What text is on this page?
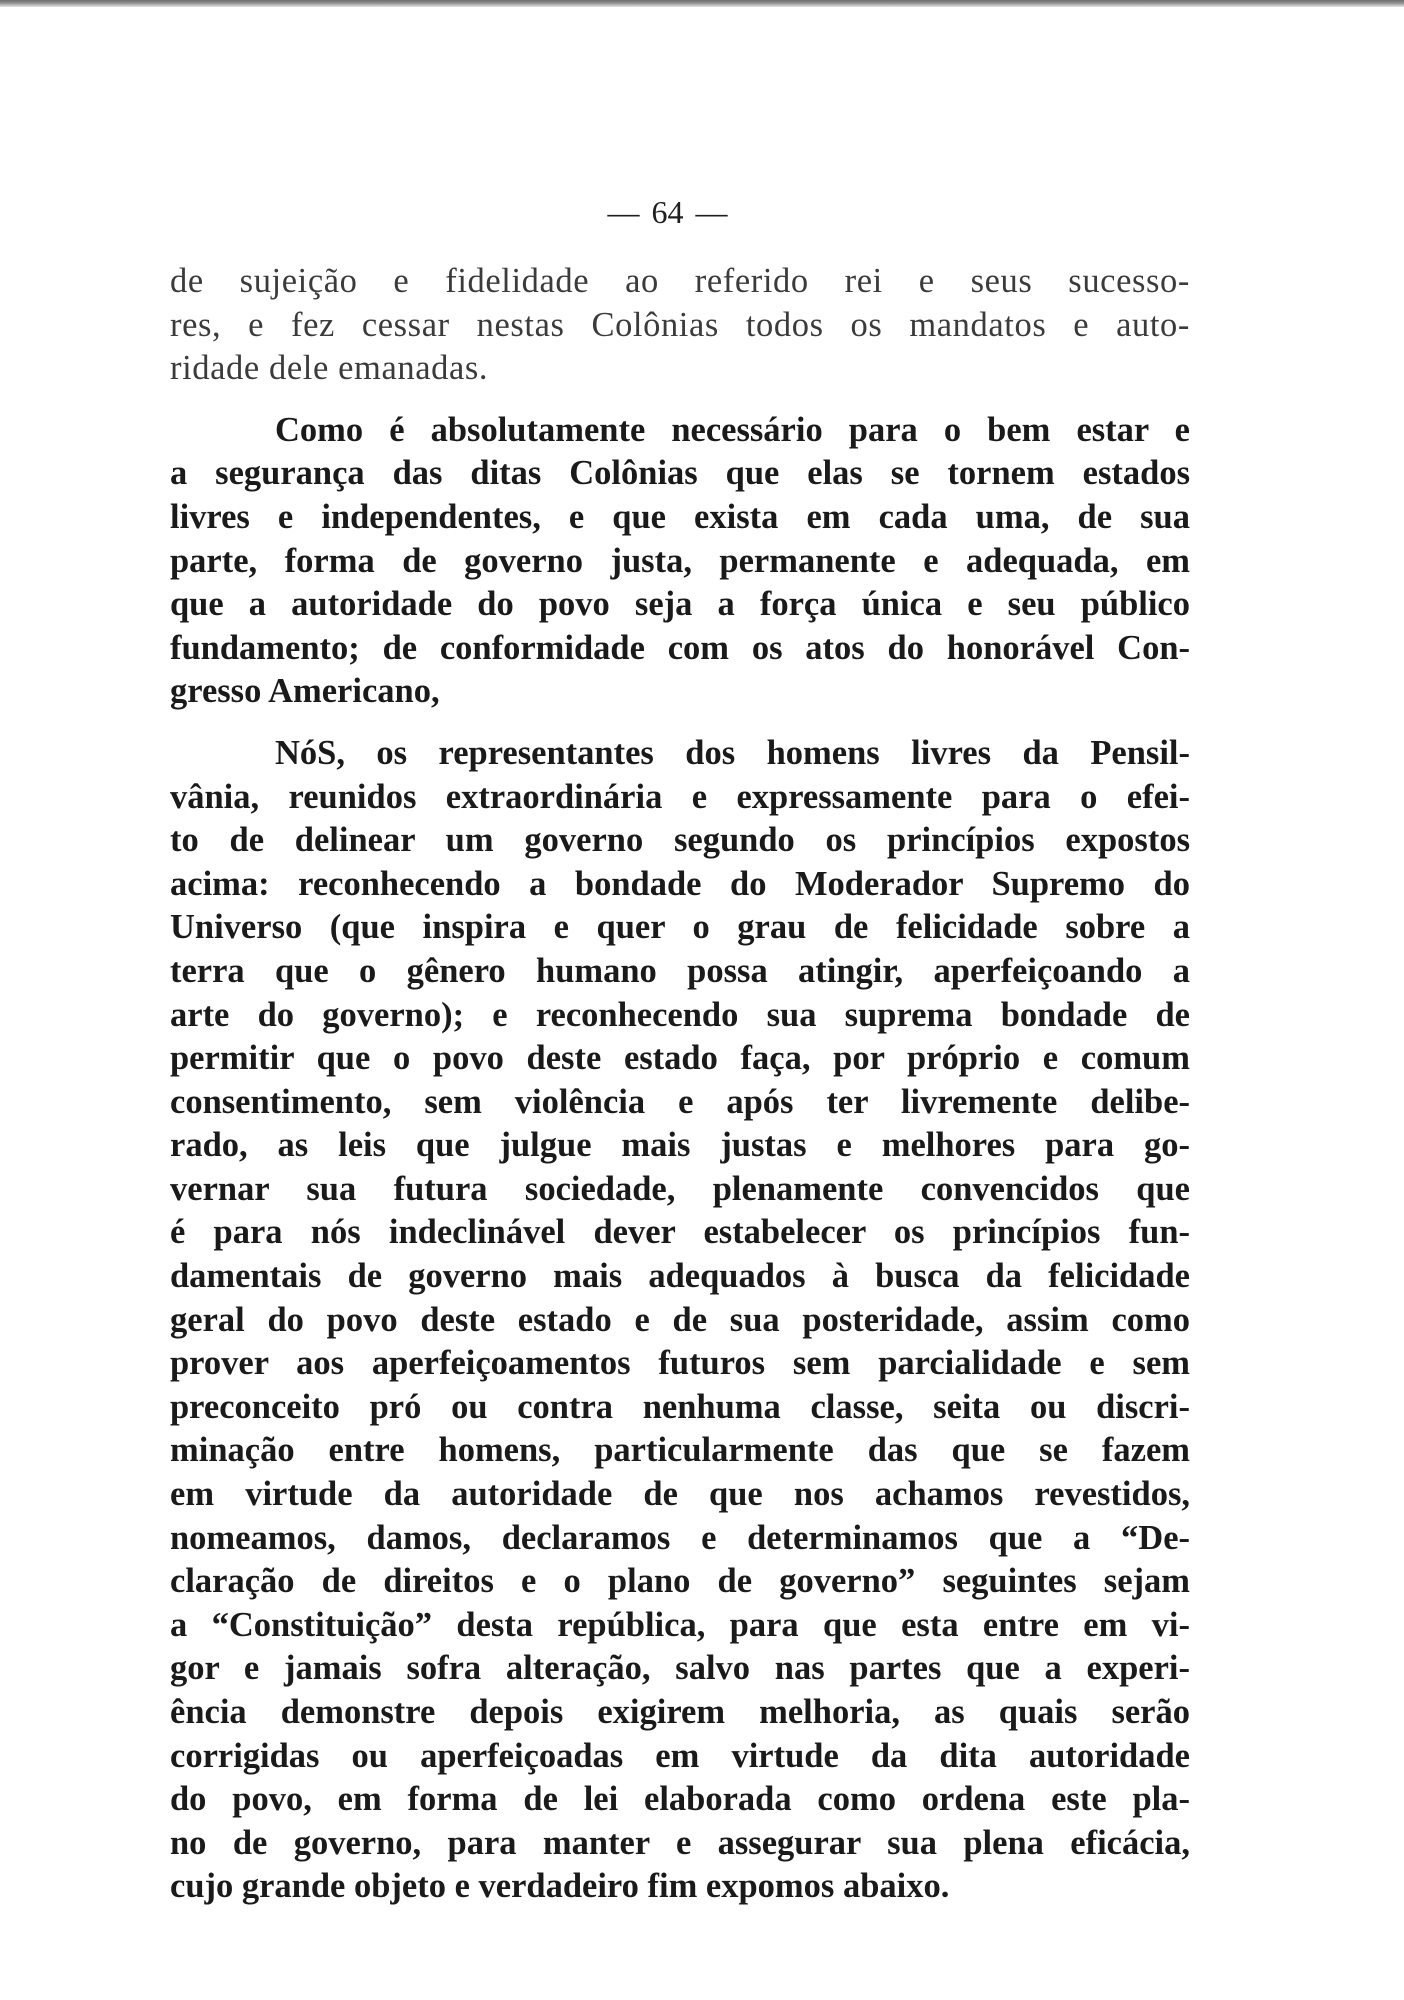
— 64 —
de sujeição e fidelidade ao referido rei e seus sucesso-
res, e fez cessar nestas Colônias todos os mandatos e auto-
ridade dele emanadas.
Como é absolutamente necessário para o bem estar e
a segurança das ditas Colônias que elas se tornem estados
livres e independentes, e que exista em cada uma, de sua
parte, forma de governo justa, permanente e adequada, em
que a autoridade do povo seja a força única e seu público
fundamento; de conformidade com os atos do honorável Con-
gresso Americano,
NóS, os representantes dos homens livres da Pensil-
vânia, reunidos extraordinária e expressamente para o efei-
to de delinear um governo segundo os princípios expostos
acima: reconhecendo a bondade do Moderador Supremo do
Universo (que inspira e quer o grau de felicidade sobre a
terra que o gênero humano possa atingir, aperfeiçoando a
arte do governo); e reconhecendo sua suprema bondade de
permitir que o povo deste estado faça, por próprio e comum
consentimento, sem violência e após ter livremente delibe-
rado, as leis que julgue mais justas e melhores para go-
vernar sua futura sociedade, plenamente convencidos que
é para nós indeclinável dever estabelecer os princípios fun-
damentais de governo mais adequados à busca da felicidade
geral do povo deste estado e de sua posteridade, assim como
prover aos aperfeiçoamentos futuros sem parcialidade e sem
preconceito pró ou contra nenhuma classe, seita ou discri-
minação entre homens, particularmente das que se fazem
em virtude da autoridade de que nos achamos revestidos,
nomeamos, damos, declaramos e determinamos que a “De-
claração de direitos e o plano de governo” seguintes sejam
a “Constituição” desta república, para que esta entre em vi-
gor e jamais sofra alteração, salvo nas partes que a experi-
ência demonstre depois exigirem melhoria, as quais serão
corrigidas ou aperfeiçoadas em virtude da dita autoridade
do povo, em forma de lei elaborada como ordena este pla-
no de governo, para manter e assegurar sua plena eficácia,
cujo grande objeto e verdadeiro fim expomos abaixo.
